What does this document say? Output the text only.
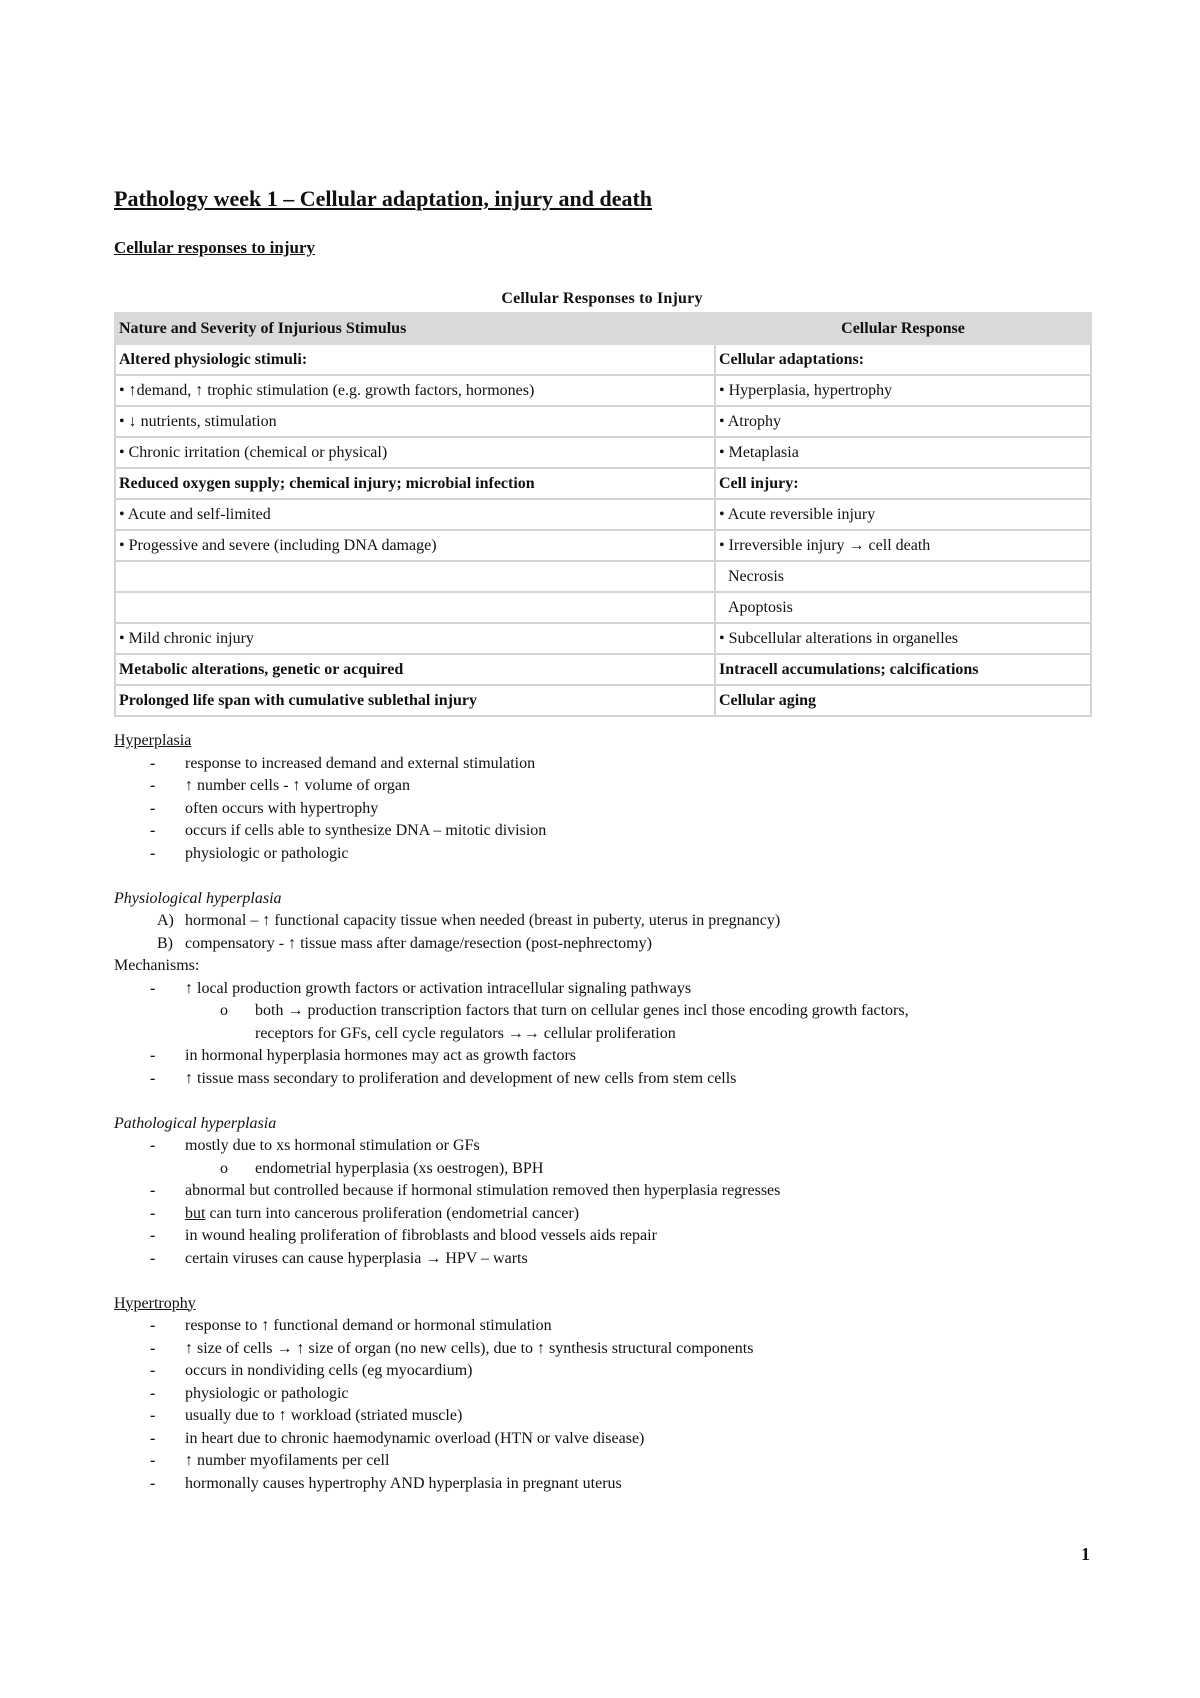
Pathology week 1 – Cellular adaptation, injury and death
Cellular responses to injury
Cellular Responses to Injury
Nature and Severity of Injurious Stimulus	Cellular Response
Altered physiologic stimuli:	Cellular adaptations:
• ↑demand, ↑ trophic stimulation (e.g. growth factors, hormones)	• Hyperplasia, hypertrophy
• ↓ nutrients, stimulation	• Atrophy
• Chronic irritation (chemical or physical)	• Metaplasia
Reduced oxygen supply; chemical injury; microbial infection	Cell injury:
• Acute and self-limited	• Acute reversible injury
• Progessive and severe (including DNA damage)	• Irreversible injury → cell death
	Necrosis
	Apoptosis
• Mild chronic injury	• Subcellular alterations in organelles
Metabolic alterations, genetic or acquired	Intracell accumulations; calcifications
Prolonged life span with cumulative sublethal injury	Cellular aging
Hyperplasia
- response to increased demand and external stimulation
- ↑ number cells - ↑ volume of organ
- often occurs with hypertrophy
- occurs if cells able to synthesize DNA – mitotic division
- physiologic or pathologic
Physiological hyperplasia
A) hormonal – ↑ functional capacity tissue when needed (breast in puberty, uterus in pregnancy)
B) compensatory - ↑ tissue mass after damage/resection (post-nephrectomy)
Mechanisms:
- ↑ local production growth factors or activation intracellular signaling pathways
o both → production transcription factors that turn on cellular genes incl those encoding growth factors,
receptors for GFs, cell cycle regulators →→ cellular proliferation
- in hormonal hyperplasia hormones may act as growth factors
- ↑ tissue mass secondary to proliferation and development of new cells from stem cells
Pathological hyperplasia
- mostly due to xs hormonal stimulation or GFs
o endometrial hyperplasia (xs oestrogen), BPH
- abnormal but controlled because if hormonal stimulation removed then hyperplasia regresses
- but can turn into cancerous proliferation (endometrial cancer)
- in wound healing proliferation of fibroblasts and blood vessels aids repair
- certain viruses can cause hyperplasia → HPV – warts
Hypertrophy
- response to ↑ functional demand or hormonal stimulation
- ↑ size of cells → ↑ size of organ (no new cells), due to ↑ synthesis structural components
- occurs in nondividing cells (eg myocardium)
- physiologic or pathologic
- usually due to ↑ workload (striated muscle)
- in heart due to chronic haemodynamic overload (HTN or valve disease)
- ↑ number myofilaments per cell
- hormonally causes hypertrophy AND hyperplasia in pregnant uterus
1
